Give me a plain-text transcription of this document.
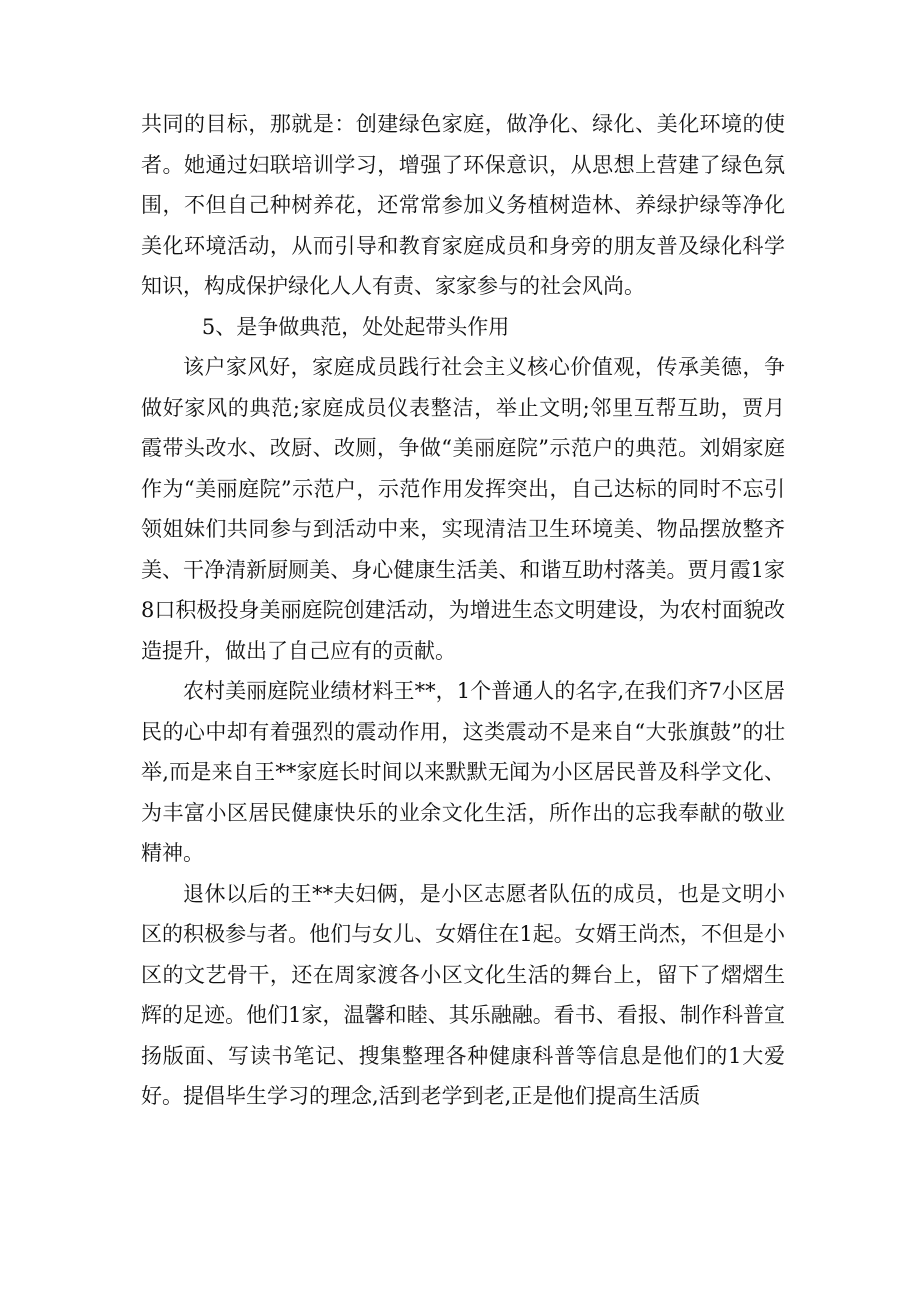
共同的目标，那就是：创建绿色家庭，做净化、绿化、美化环境的使者。她通过妇联培训学习，增强了环保意识，从思想上营建了绿色氛围，不但自己种树养花，还常常参加义务植树造林、养绿护绿等净化美化环境活动，从而引导和教育家庭成员和身旁的朋友普及绿化科学知识，构成保护绿化人人有责、家家参与的社会风尚。

5、是争做典范，处处起带头作用

该户家风好，家庭成员践行社会主义核心价值观，传承美德，争做好家风的典范;家庭成员仪表整洁，举止文明;邻里互帮互助，贾月霞带头改水、改厨、改厕，争做“美丽庭院”示范户的典范。刘娟家庭作为“美丽庭院”示范户，示范作用发挥突出，自己达标的同时不忘引领姐妹们共同参与到活动中来，实现清洁卫生环境美、物品摆放整齐美、干净清新厨厕美、身心健康生活美、和谐互助村落美。贾月霞1家8口积极投身美丽庭院创建活动，为增进生态文明建设，为农村面貌改造提升，做出了自己应有的贡献。

农村美丽庭院业绩材料王**，1个普通人的名字,在我们齐7小区居民的心中却有着强烈的震动作用，这类震动不是来自“大张旗鼓”的壮举,而是来自王**家庭长时间以来默默无闻为小区居民普及科学文化、为丰富小区居民健康快乐的业余文化生活，所作出的忘我奉献的敬业精神。

退休以后的王**夫妇俩，是小区志愿者队伍的成员，也是文明小区的积极参与者。他们与女儿、女婿住在1起。女婿王尚杰，不但是小区的文艺骨干，还在周家渡各小区文化生活的舞台上，留下了熠熠生辉的足迹。他们1家，温馨和睦、其乐融融。看书、看报、制作科普宣扬版面、写读书笔记、搜集整理各种健康科普等信息是他们的1大爱好。提倡毕生学习的理念,活到老学到老,正是他们提高生活质
